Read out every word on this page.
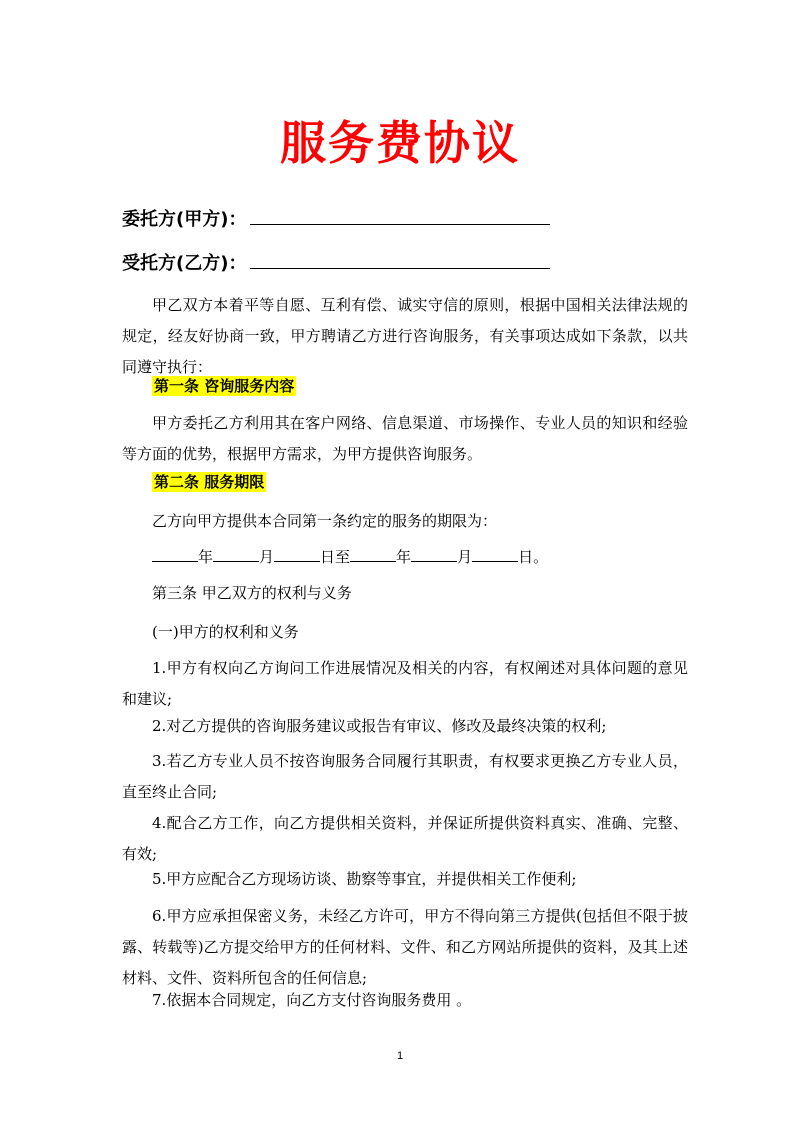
服务费协议
委托方(甲方)：
受托方(乙方)：

甲乙双方本着平等自愿、互利有偿、诚实守信的原则，根据中国相关法律法规的规定，经友好协商一致，甲方聘请乙方进行咨询服务，有关事项达成如下条款，以共同遵守执行：

第一条 咨询服务内容

甲方委托乙方利用其在客户网络、信息渠道、市场操作、专业人员的知识和经验等方面的优势，根据甲方需求，为甲方提供咨询服务。

第二条 服务期限

乙方向甲方提供本合同第一条约定的服务的期限为：

年	月	日至	年	月	日。
第三条 甲乙双方的权利与义务

(一)甲方的权利和义务

1.甲方有权向乙方询问工作进展情况及相关的内容，有权阐述对具体问题的意见和建议;

2.对乙方提供的咨询服务建议或报告有审议、修改及最终决策的权利;

3.若乙方专业人员不按咨询服务合同履行其职责，有权要求更换乙方专业人员，直至终止合同;

4.配合乙方工作，向乙方提供相关资料，并保证所提供资料真实、准确、完整、有效;

5.甲方应配合乙方现场访谈、勘察等事宜，并提供相关工作便利;

6.甲方应承担保密义务，未经乙方许可，甲方不得向第三方提供(包括但不限于披露、转载等)乙方提交给甲方的任何材料、文件、和乙方网站所提供的资料，及其上述材料、文件、资料所包含的任何信息;

7.依据本合同规定，向乙方支付咨询服务费用 。

1
